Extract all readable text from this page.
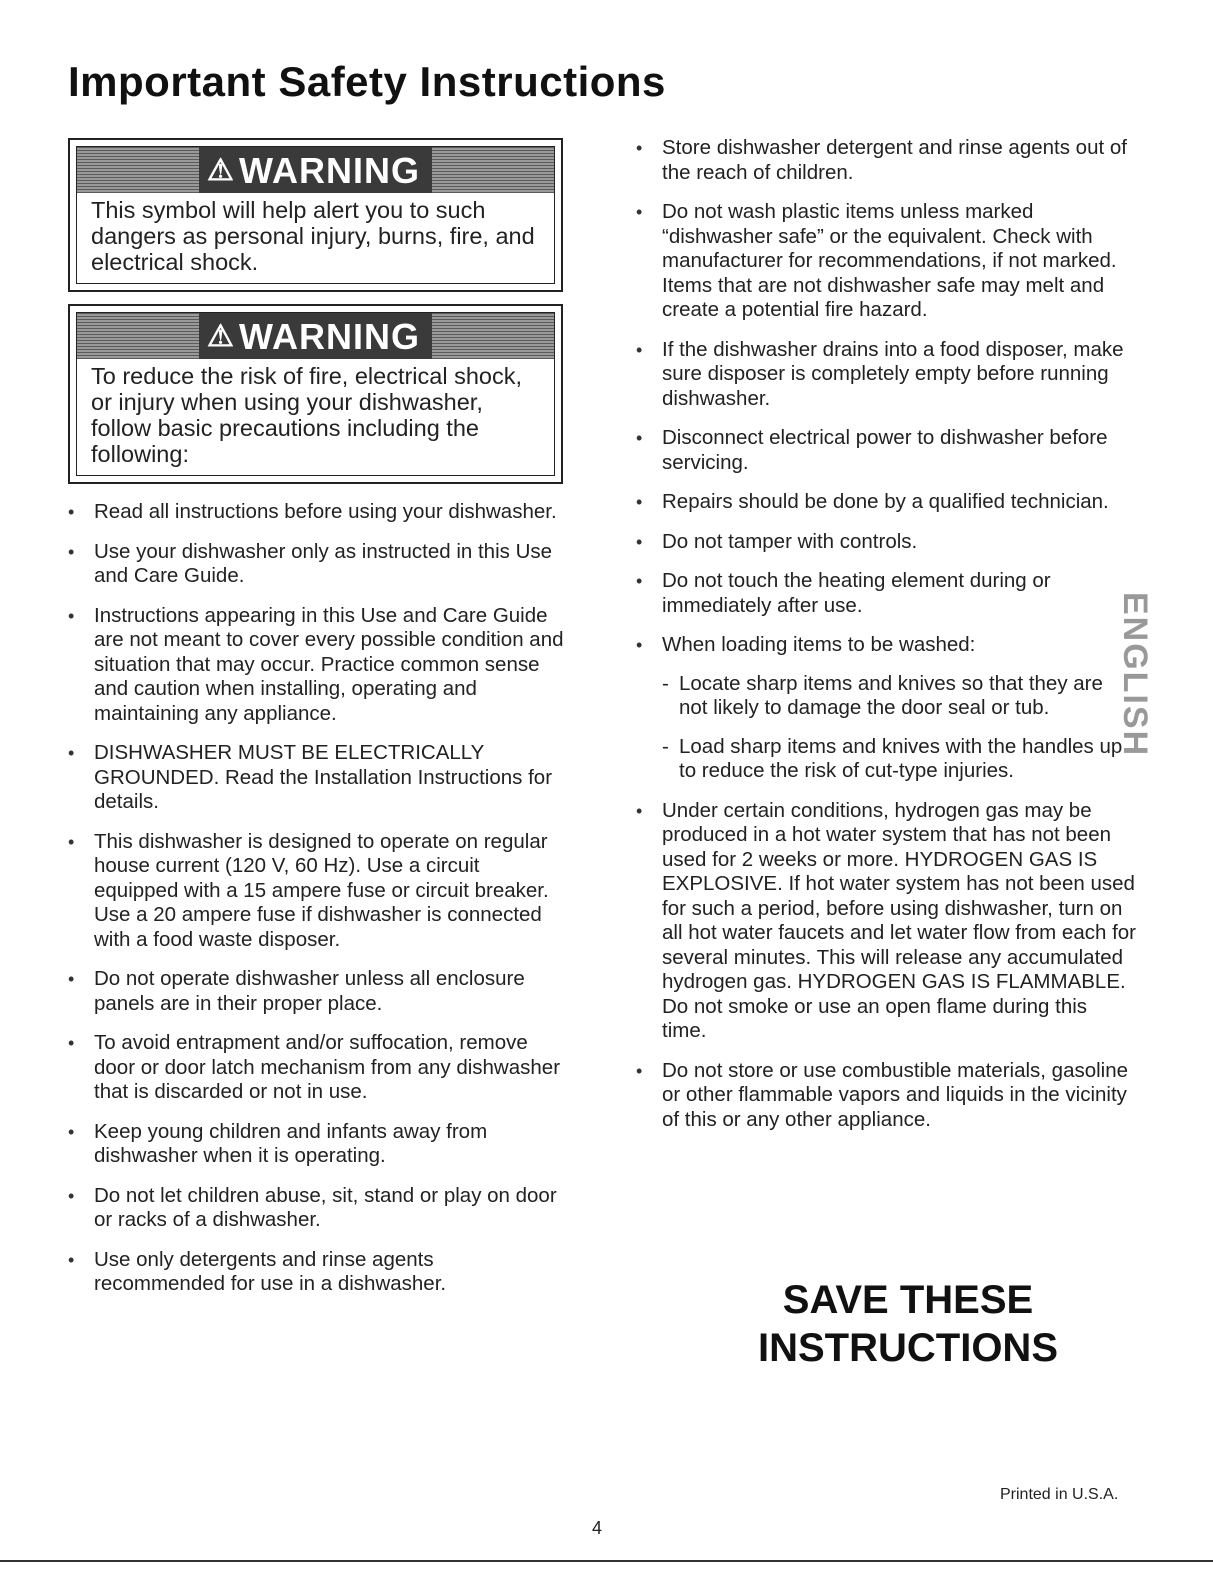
Important Safety Instructions
⚠ WARNING

This symbol will help alert you to such dangers as personal injury, burns, fire, and electrical shock.

⚠ WARNING

To reduce the risk of fire, electrical shock, or injury when using your dishwasher, follow basic precautions including the following:

• Read all instructions before using your dishwasher.
• Use your dishwasher only as instructed in this Use and Care Guide.
• Instructions appearing in this Use and Care Guide are not meant to cover every possible condition and situation that may occur. Practice common sense and caution when installing, operating and maintaining any appliance.
• DISHWASHER MUST BE ELECTRICALLY GROUNDED. Read the Installation Instructions for details.
• This dishwasher is designed to operate on regular house current (120 V, 60 Hz). Use a circuit equipped with a 15 ampere fuse or circuit breaker. Use a 20 ampere fuse if dishwasher is connected with a food waste disposer.
• Do not operate dishwasher unless all enclosure panels are in their proper place.
• To avoid entrapment and/or suffocation, remove door or door latch mechanism from any dishwasher that is discarded or not in use.
• Keep young children and infants away from dishwasher when it is operating.
• Do not let children abuse, sit, stand or play on door or racks of a dishwasher.
• Use only detergents and rinse agents recommended for use in a dishwasher.
• Store dishwasher detergent and rinse agents out of the reach of children.
• Do not wash plastic items unless marked “dishwasher safe” or the equivalent. Check with manufacturer for recommendations, if not marked. Items that are not dishwasher safe may melt and create a potential fire hazard.
• If the dishwasher drains into a food disposer, make sure disposer is completely empty before running dishwasher.
• Disconnect electrical power to dishwasher before servicing.
• Repairs should be done by a qualified technician.
• Do not tamper with controls.
• Do not touch the heating element during or immediately after use.
• When loading items to be washed:
- Locate sharp items and knives so that they are not likely to damage the door seal or tub.
- Load sharp items and knives with the handles up to reduce the risk of cut-type injuries.
• Under certain conditions, hydrogen gas may be produced in a hot water system that has not been used for 2 weeks or more. HYDROGEN GAS IS EXPLOSIVE. If hot water system has not been used for such a period, before using dishwasher, turn on all hot water faucets and let water flow from each for several minutes. This will release any accumulated hydrogen gas. HYDROGEN GAS IS FLAMMABLE. Do not smoke or use an open flame during this time.
• Do not store or use combustible materials, gasoline or other flammable vapors and liquids in the vicinity of this or any other appliance.
SAVE THESE
INSTRUCTIONS
ENGLISH
Printed in U.S.A.
4
